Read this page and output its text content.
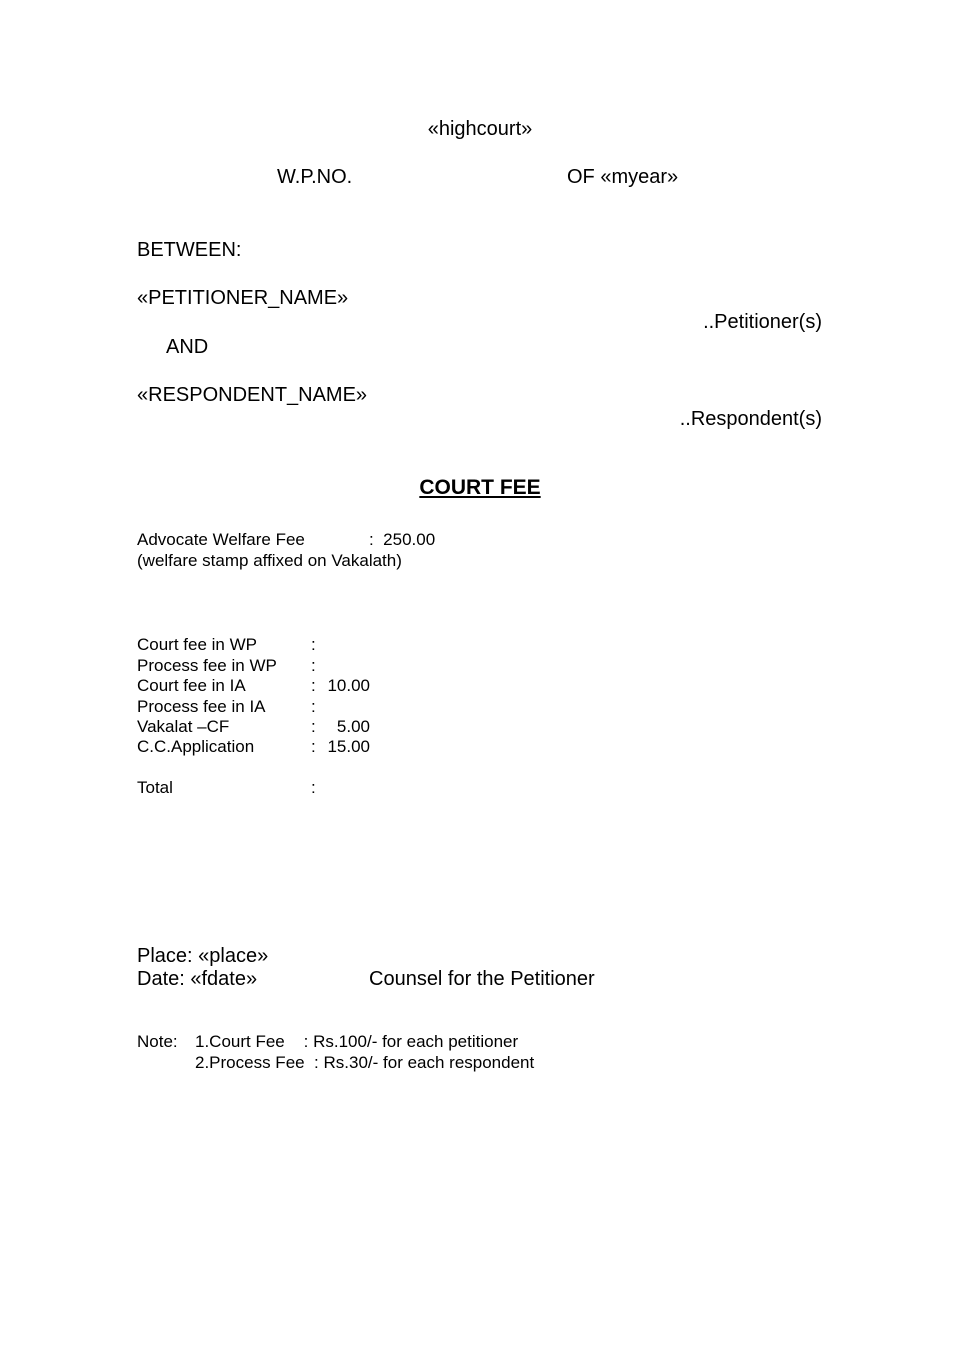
«highcourt»
W.P.NO.	OF «myear»
BETWEEN:
«PETITIONER_NAME»
..Petitioner(s)
AND
«RESPONDENT_NAME»
..Respondent(s)
COURT FEE
Advocate Welfare Fee	:  250.00
(welfare stamp affixed on Vakalath)
Court fee in WP	:
Process fee in WP :
Court fee in IA	: 10.00
Process fee in IA	:
Vakalat –CF	: 5.00
C.C.Application	: 15.00
Total	:
Place: «place»
Date: «fdate»	Counsel for the Petitioner
Note: 1.Court Fee    : Rs.100/- for each petitioner
2.Process Fee  : Rs.30/- for each respondent
